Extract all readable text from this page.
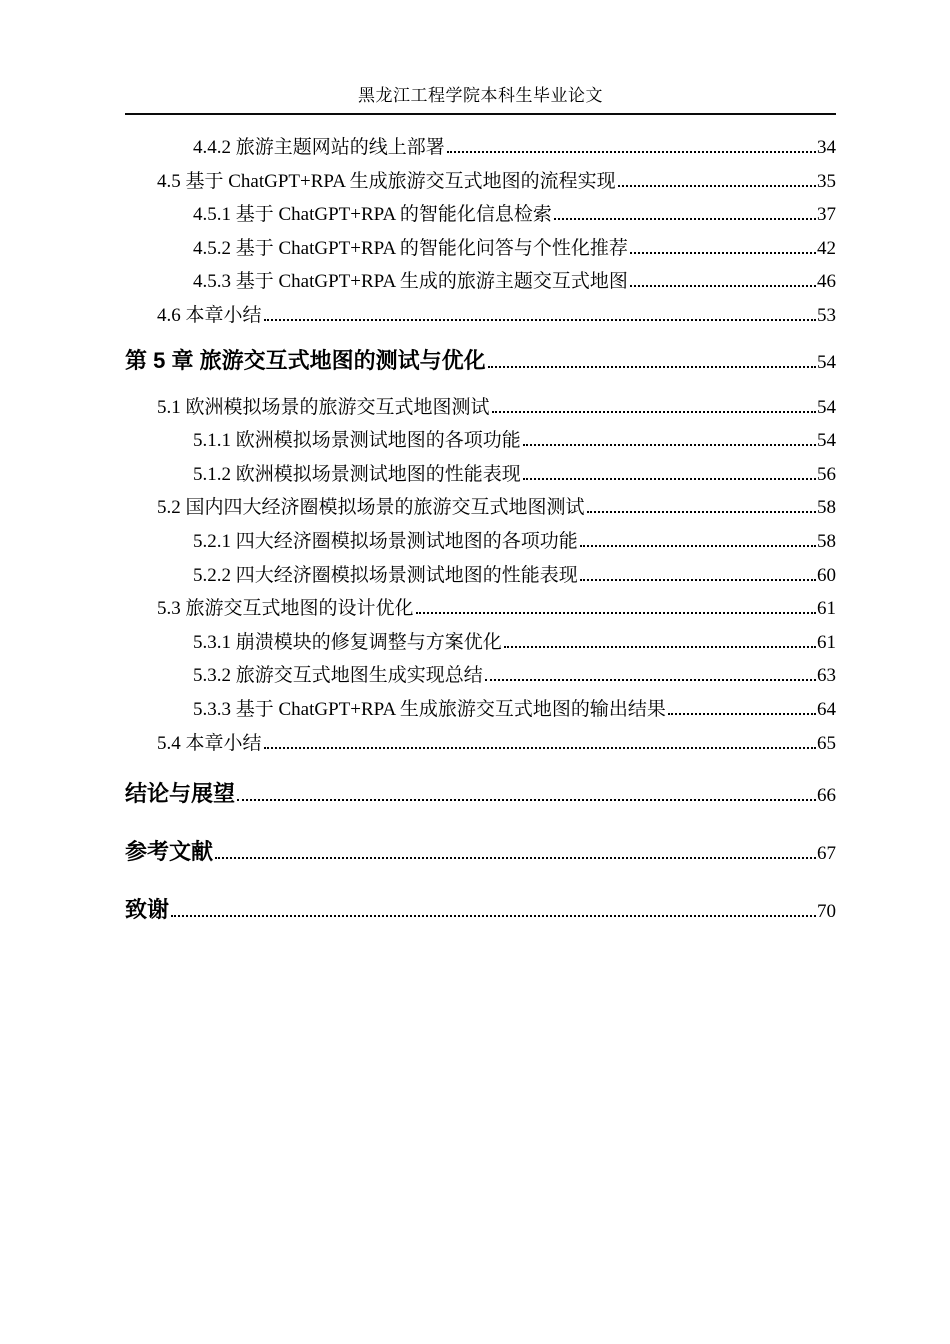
黑龙江工程学院本科生毕业论文
4.4.2 旅游主题网站的线上部署	34
4.5 基于 ChatGPT+RPA 生成旅游交互式地图的流程实现	35
4.5.1 基于 ChatGPT+RPA 的智能化信息检索	37
4.5.2 基于 ChatGPT+RPA 的智能化问答与个性化推荐	42
4.5.3 基于 ChatGPT+RPA 生成的旅游主题交互式地图	46
4.6 本章小结	53
第 5 章 旅游交互式地图的测试与优化	54
5.1 欧洲模拟场景的旅游交互式地图测试	54
5.1.1 欧洲模拟场景测试地图的各项功能	54
5.1.2 欧洲模拟场景测试地图的性能表现	56
5.2 国内四大经济圈模拟场景的旅游交互式地图测试	58
5.2.1 四大经济圈模拟场景测试地图的各项功能	58
5.2.2 四大经济圈模拟场景测试地图的性能表现	60
5.3 旅游交互式地图的设计优化	61
5.3.1 崩溃模块的修复调整与方案优化	61
5.3.2 旅游交互式地图生成实现总结	63
5.3.3 基于 ChatGPT+RPA 生成旅游交互式地图的输出结果	64
5.4 本章小结	65
结论与展望	66
参考文献	67
致谢	70
